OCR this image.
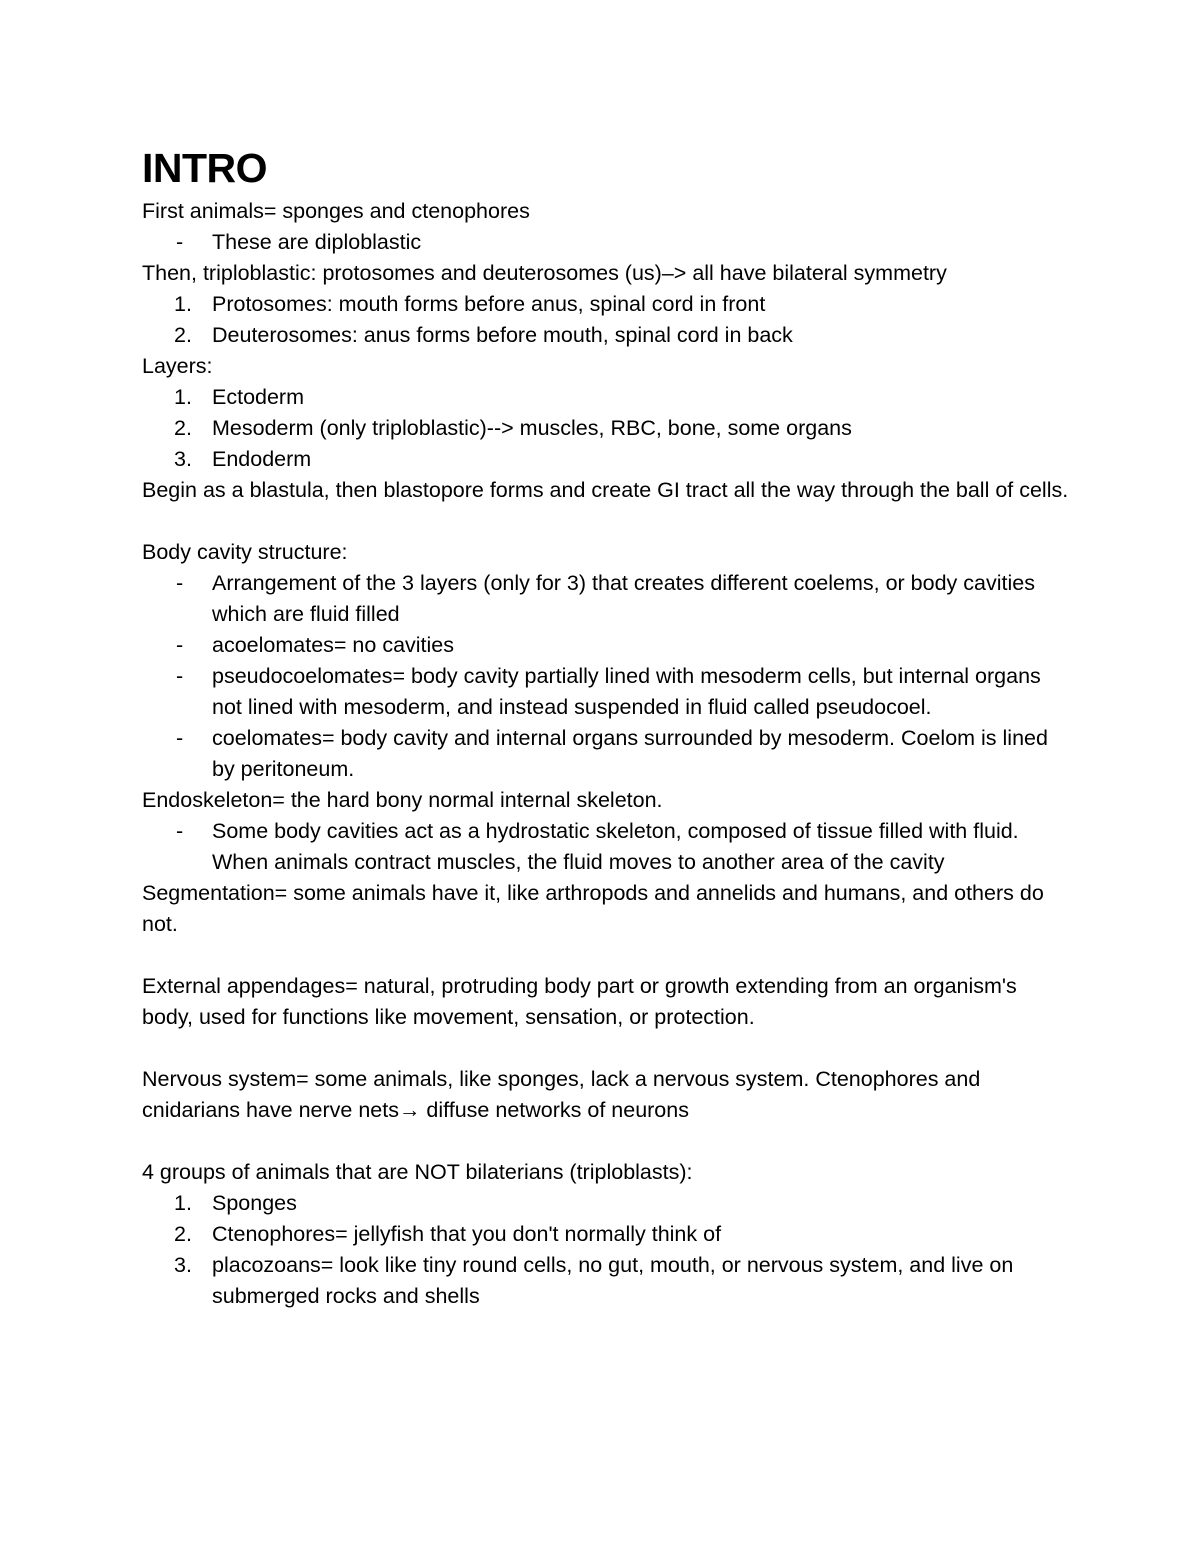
INTRO

First animals= sponges and ctenophores

-	These are diploblastic

Then, triploblastic: protosomes and deuterosomes (us)–> all have bilateral symmetry

1. Protosomes: mouth forms before anus, spinal cord in front
2. Deuterosomes: anus forms before mouth, spinal cord in back

Layers:

1. Ectoderm
2. Mesoderm (only triploblastic)--> muscles, RBC, bone, some organs
3. Endoderm

Begin as a blastula, then blastopore forms and create GI tract all the way through the ball of cells.

Body cavity structure:

-	Arrangement of the 3 layers (only for 3) that creates different coelems, or body cavities which are fluid filled
-	acoelomates= no cavities
-	pseudocoelomates= body cavity partially lined with mesoderm cells, but internal organs not lined with mesoderm, and instead suspended in fluid called pseudocoel.
-	coelomates= body cavity and internal organs surrounded by mesoderm. Coelom is lined by peritoneum.

Endoskeleton= the hard bony normal internal skeleton.

-	Some body cavities act as a hydrostatic skeleton, composed of tissue filled with fluid. When animals contract muscles, the fluid moves to another area of the cavity

Segmentation= some animals have it, like arthropods and annelids and humans, and others do not.

External appendages= natural, protruding body part or growth extending from an organism's body, used for functions like movement, sensation, or protection.

Nervous system= some animals, like sponges, lack a nervous system. Ctenophores and cnidarians have nerve nets→ diffuse networks of neurons

4 groups of animals that are NOT bilaterians (triploblasts):

1. Sponges
2. Ctenophores= jellyfish that you don't normally think of
3. placozoans= look like tiny round cells, no gut, mouth, or nervous system, and live on submerged rocks and shells
